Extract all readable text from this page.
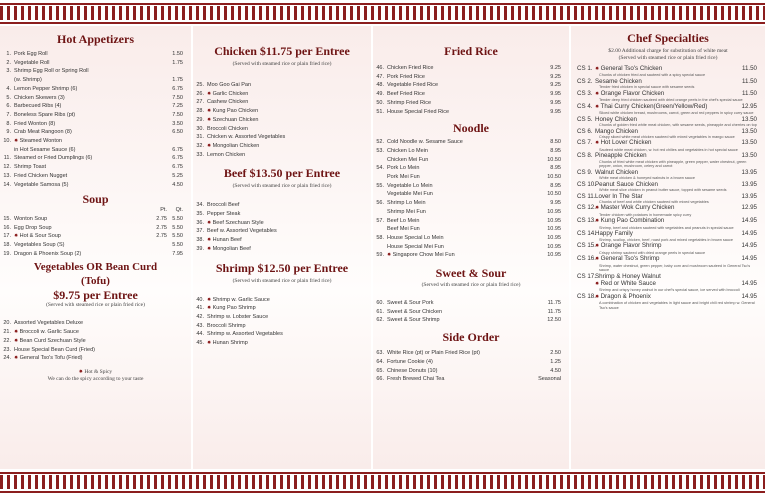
Hot Appetizers
1. Pork Egg Roll	1.50
2. Vegetable Roll	1.75
3. Shrimp Egg Roll or Spring Roll
(w. Shrimp)	1.75
4. Lemon Pepper Shrimp (6)	6.75
5. Chicken Skewers (3)	7.50
6. Barbecued Ribs (4)	7.25
7. Boneless Spare Ribs (pt)	7.50
8. Fried Wonton (8)	3.50
9. Crab Meat Rangoon (8)	6.50
10. ✸ Steamed Wonton
in Hot Sesame Sauce (6)	6.75
11. Steamed or Fried Dumplings (6)	6.75
12. Shrimp Toast	6.75
13. Fried Chicken Nugget	5.25
14. Vegetable Samosa (5)	4.50
Soup
Pt.	Qt.
15. Wonton Soup	2.75 5.50
16. Egg Drop Soup	2.75 5.50
17. ✸ Hot & Sour Soup	2.75 5.50
18. Vegetables Soup (S)	5.50
19. Dragon & Phoenix Soup (2)	7.95
Vegetables OR Bean Curd
(Tofu)
$9.75 per Entree
(Served with steamed rice or plain fried rice)
20. Assorted Vegetables Deluxe
21. ✸ Broccoli w. Garlic Sauce
22. ✸ Bean Curd Szechuan Style
23. House Special Bean Curd (Fried)
24. ✸ General Tso's Tofu (Fried)
✸ Hot & Spicy
We can do the spicy according to your taste
Chicken $11.75 per Entree
(Served with steamed rice or plain fried rice)
25. Moo Goo Gai Pan
26. ✸ Garlic Chicken
27. Cashew Chicken
28. ✸ Kung Pao Chicken
29. ✸ Szechuan Chicken
30. Broccoli Chicken
31. Chicken w. Assorted Vegetables
32. ✸ Mongolian Chicken
33. Lemon Chicken
Beef $13.50 per Entree
(Served with steamed rice or plain fried rice)
34. Broccoli Beef
35. Pepper Steak
36. ✸ Beef Szechuan Style
37. Beef w. Assorted Vegetables
38. ✸ Hunan Beef
39. ✸ Mongolian Beef
Shrimp $12.50 per Entree
(Served with steamed rice or plain fried rice)
40. ✸ Shrimp w. Garlic Sauce
41. ✸ Kung Pao Shrimp
42. Shrimp w. Lobster Sauce
43. Broccoli Shrimp
44. Shrimp w. Assorted Vegetables
45. ✸ Hunan Shrimp
Fried Rice
46. Chicken Fried Rice	9.25
47. Pork Fried Rice	9.25
48. Vegetable Fried Rice	9.25
49. Beef Fried Rice	9.95
50. Shrimp Fried Rice	9.95
51. House Special Fried Rice	9.95
Noodle
52. Cold Noodle w. Sesame Sauce	8.50
53. Chicken Lo Mein	8.95
Chicken Mei Fun	10.50
54. Pork Lo Mein	8.95
Pork Mei Fun	10.50
55. Vegetable Lo Mein	8.95
Vegetable Mei Fun	10.50
56. Shrimp Lo Mein	9.95
Shrimp Mei Fun	10.95
57. Beef Lo Mein	10.95
Beef Mei Fun	10.95
58. House Special Lo Mein	10.95
House Special Mei Fun	10.95
59. ✸ Singapore Chow Mei Fun	10.95
Sweet & Sour
(Served with steamed rice or plain fried rice)
60. Sweet & Sour Pork	11.75
61. Sweet & Sour Chicken	11.75
62. Sweet & Sour Shrimp	12.50
Side Order
63. White Rice (pt) or Plain Fried Rice (pt)	2.50
64. Fortune Cookie (4)	1.25
65. Chinese Donuts (10)	4.50
66. Fresh Brewed Chai Tea	Seasonal
Chef Specialties
$2.00 Additional charge for substitution of white meat
(Served with steamed rice or plain fried rice)
CS 1. ✸ General Tso's Chicken	11.50
Chunks of chicken fried and sauteed with a spicy special sauce
CS 2. Sesame Chicken	11.50
Tender fried chicken in special sauce with sesame seeds
CS 3. ✸ Orange Flavor Chicken	11.50
Tender deep fried chicken sauteed with dried orange peels in the chef's special sauce
CS 4. ✸ Thai Curry Chicken(Green/Yellow/Red)	12.95
Sliced white chicken breast, mushrooms, carrot, green and red peppers in spicy curry sauce
CS 5. Honey Chicken	13.50
Chunks of golden fried white meat chicken, with sesame seeds, pineapple and cherries on top
CS 6. Mango Chicken	13.50
Crispy sliced white meat chicken sauteed with mixed vegetables in mango sauce
CS 7. ✸ Hot Lover Chicken	13.50
Sauteed white meat chicken, w. hot red chilies and vegetables in hot special sauce
CS 8. Pineapple Chicken	13.50
Chunks of fried white meat chicken with pineapple, green pepper, water chestnut, green pepper, onion, mushroom, celery and carrot
CS 9. Walnut Chicken	13.95
White meat chicken & honeyed walnuts in a brown sauce
CS 10. Peanut Sauce Chicken	13.95
White meat slice chicken in peanut butter sauce, topped with sesame seeds
CS 11. Lover In The Star	13.95
Chunks of beef and white chicken sauteed with mixed vegetables
CS 12. ✸ Master Wok Curry Chicken	12.95
Tender chicken with potatoes in homemade spicy curry
CS 13. ✸ Kung Pao Combination	14.95
Shrimp, beef and chicken sauteed with vegetables and peanuts in special sauce
CS 14. Happy Family	14.95
Shrimp, scallop, chicken, beef, roast pork and mixed vegetables in brown sauce
CS 15. ✸ Orange Flavor Shrimp	14.95
Crispy shrimp sauteed with dried orange peels in special sauce
CS 16. ✸ General Tso's Shrimp	14.95
Shrimp, water chestnut, green pepper, baby corn and mushroom sauteed in General Tso's sauce
CS 17. Shrimp & Honey Walnut
✸ Red or White Sauce	14.95
Shrimp and crispy honey walnut in our chef's special sauce, ice served with broccoli
CS 18. ✸ Dragon & Phoenix	14.95
A combination of chicken and vegetables in light sauce and bright chili red shrimp w. General Tso's sauce
